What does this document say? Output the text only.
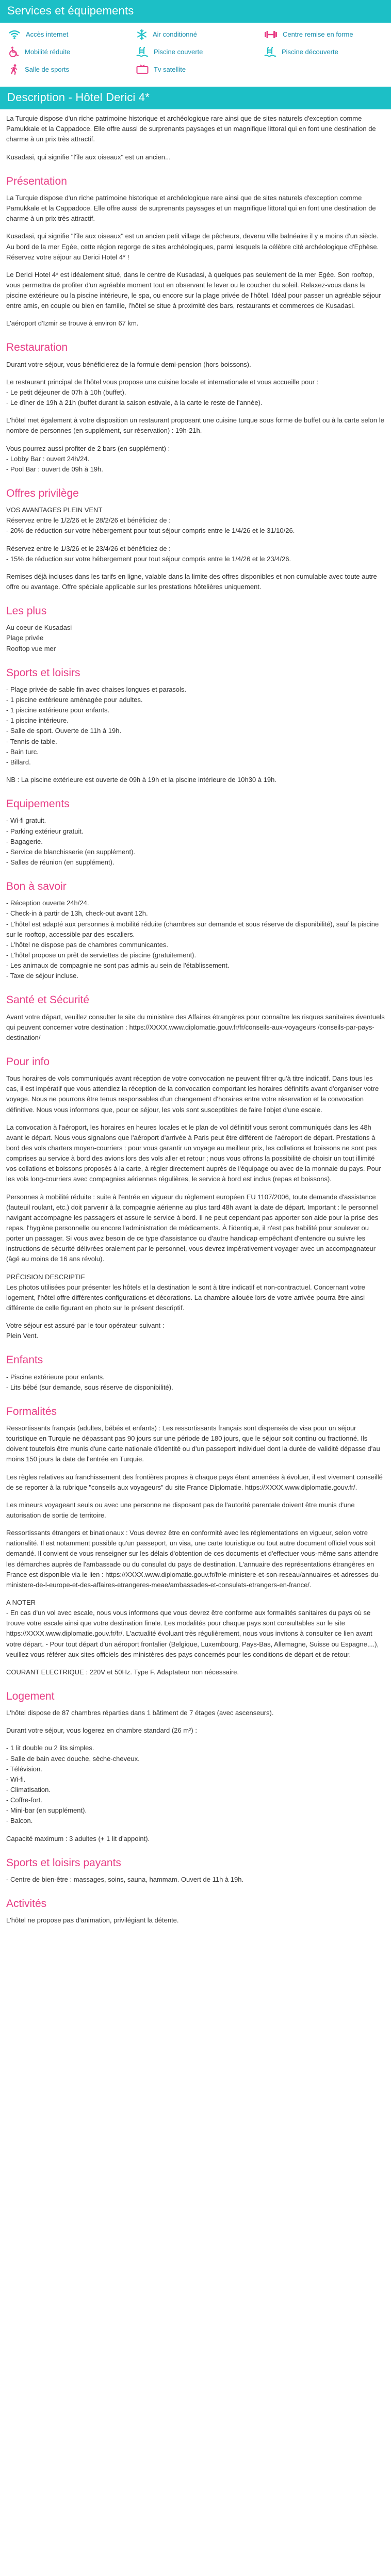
Services et équipements
Accès internet	Air conditionné	Centre remise en forme
Mobilité réduite	Piscine couverte	Piscine découverte
Salle de sports	Tv satellite
Description - Hôtel Derici 4*

La Turquie dispose d'un riche patrimoine historique et archéologique rare ainsi que de sites naturels d'exception comme Pamukkale et la Cappadoce. Elle offre aussi de surprenants paysages et un magnifique littoral qui en font une destination de charme à un prix très attractif.

Kusadasi, qui signifie "l'île aux oiseaux" est un ancien...

Présentation

La Turquie dispose d'un riche patrimoine historique et archéologique rare ainsi que de sites naturels d'exception comme Pamukkale et la Cappadoce. Elle offre aussi de surprenants paysages et un magnifique littoral qui en font une destination de charme à un prix très attractif.

Kusadasi, qui signifie "l'île aux oiseaux" est un ancien petit village de pêcheurs, devenu ville balnéaire il y a moins d'un siècle. Au bord de la mer Egée, cette région regorge de sites archéologiques, parmi lesquels la célèbre cité archéologique d'Ephèse.

Réservez votre séjour au Derici Hotel 4* !

Le Derici Hotel 4* est idéalement situé, dans le centre de Kusadasi, à quelques pas seulement de la mer Egée. Son rooftop, vous permettra de profiter d'un agréable moment tout en observant le lever ou le coucher du soleil. Relaxez-vous dans la piscine extérieure ou la piscine intérieure, le spa, ou encore sur la plage privée de l'hôtel. Idéal pour passer un agréable séjour entre amis, en couple ou bien en famille, l'hôtel se situe à proximité des bars, restaurants et commerces de Kusadasi.

L'aéroport d'Izmir se trouve à environ 67 km.

Restauration

Durant votre séjour, vous bénéficierez de la formule demi-pension (hors boissons).

Le restaurant principal de l'hôtel vous propose une cuisine locale et internationale et vous accueille pour :

- Le petit déjeuner de 07h à 10h (buffet).
- Le dîner de 19h à 21h (buffet durant la saison estivale, à la carte le reste de l'année).

L'hôtel met également à votre disposition un restaurant proposant une cuisine turque sous forme de buffet ou à la carte selon le nombre de personnes (en supplément, sur réservation) : 19h-21h.

Vous pourrez aussi profiter de 2 bars (en supplément) :

- Lobby Bar : ouvert 24h/24.
- Pool Bar : ouvert de 09h à 19h.
Offres privilège
VOS AVANTAGES PLEIN VENT
Réservez entre le 1/2/26 et le 28/2/26 et bénéficiez de :
- 20% de réduction sur votre hébergement pour tout séjour compris entre le 1/4/26 et le 31/10/26.
Réservez entre le 1/3/26 et le 23/4/26 et bénéficiez de :
- 15% de réduction sur votre hébergement pour tout séjour compris entre le 1/4/26 et le 23/4/26.

Remises déjà incluses dans les tarifs en ligne, valable dans la limite des offres disponibles et non cumulable avec toute autre offre ou avantage. Offre spéciale applicable sur les prestations hôtelières uniquement.

Les plus
Au coeur de Kusadasi
Plage privée
Rooftop vue mer
Sports et loisirs
- Plage privée de sable fin avec chaises longues et parasols.
- 1 piscine extérieure aménagée pour adultes.
- 1 piscine extérieure pour enfants.
- 1 piscine intérieure.
- Salle de sport. Ouverte de 11h à 19h.
- Tennis de table.
- Bain turc.
- Billard.

NB : La piscine extérieure est ouverte de 09h à 19h et la piscine intérieure de 10h30 à 19h.

Equipements
- Wi-fi gratuit.
- Parking extérieur gratuit.
- Bagagerie.
- Service de blanchisserie (en supplément).
- Salles de réunion (en supplément).
Bon à savoir
- Réception ouverte 24h/24.
- Check-in à partir de 13h, check-out avant 12h.
- L'hôtel est adapté aux personnes à mobilité réduite (chambres sur demande et sous réserve de disponibilité), sauf la piscine sur le rooftop, accessible par des escaliers.
- L'hôtel ne dispose pas de chambres communicantes.
- L'hôtel propose un prêt de serviettes de piscine (gratuitement).
- Les animaux de compagnie ne sont pas admis au sein de l'établissement.
- Taxe de séjour incluse.
Santé et Sécurité

Avant votre départ, veuillez consulter le site du ministère des Affaires étrangères pour connaître les risques sanitaires éventuels qui peuvent concerner votre destination : https://XXXX.www.diplomatie.gouv.fr/fr/conseils-aux-voyageurs /conseils-par-pays-destination/

Pour info

Tous horaires de vols communiqués avant réception de votre convocation ne peuvent filtrer qu'à titre indicatif. Dans tous les cas, il est impératif que vous attendiez la réception de la convocation comportant les horaires définitifs avant d'organiser votre voyage. Nous ne pourrons être tenus responsables d'un changement d'horaires entre votre réservation et la convocation définitive. Nous vous informons que, pour ce séjour, les vols sont susceptibles de faire l'objet d'une escale.

La convocation à l'aéroport, les horaires en heures locales et le plan de vol définitif vous seront communiqués dans les 48h avant le départ. Nous vous signalons que l'aéroport d'arrivée à Paris peut être différent de l'aéroport de départ. Prestations à bord des vols charters moyen-courriers : pour vous garantir un voyage au meilleur prix, les collations et boissons ne sont pas comprises au service à bord des avions lors des vols aller et retour ; nous vous offrons la possibilité de choisir un tout illimité vos collations et boissons proposés à la carte, à régler directement auprès de l'équipage ou avec de la monnaie du pays. Pour les vols long-courriers avec compagnies aériennes régulières, le service à bord est inclus (repas et boissons).

Personnes à mobilité réduite : suite à l'entrée en vigueur du règlement européen EU 1107/2006, toute demande d'assistance (fauteuil roulant, etc.) doit parvenir à la compagnie aérienne au plus tard 48h avant la date de départ. Important : le personnel navigant accompagne les passagers et assure le service à bord. Il ne peut cependant pas apporter son aide pour la prise des repas, l'hygiène personnelle ou encore l'administration de médicaments. À l'identique, il n'est pas habilité pour soulever ou porter un passager. Si vous avez besoin de ce type d'assistance ou d'autre handicap empêchant d'entendre ou suivre les instructions de sécurité délivrées oralement par le personnel, vous devrez impérativement voyager avec un accompagnateur (âgé au moins de 16 ans révolu).

PRÉCISION DESCRIPTIF

Les photos utilisées pour présenter les hôtels et la destination le sont à titre indicatif et non-contractuel. Concernant votre logement, l'hôtel offre différentes configurations et décorations. La chambre allouée lors de votre arrivée pourra être ainsi différente de celle figurant en photo sur le présent descriptif.

Votre séjour est assuré par le tour opérateur suivant :

Plein Vent.

Enfants
- Piscine extérieure pour enfants.
- Lits bébé (sur demande, sous réserve de disponibilité).
Formalités

Ressortissants français (adultes, bébés et enfants) : Les ressortissants français sont dispensés de visa pour un séjour touristique en Turquie ne dépassant pas 90 jours sur une période de 180 jours, que le séjour soit continu ou fractionné. Ils doivent toutefois être munis d'une carte nationale d'identité ou d'un passeport individuel dont la durée de validité dépasse d'au moins 150 jours la date de l'entrée en Turquie.

Les règles relatives au franchissement des frontières propres à chaque pays étant amenées à évoluer, il est vivement conseillé de se reporter à la rubrique "conseils aux voyageurs" du site France Diplomatie. https://XXXX.www.diplomatie.gouv.fr/.

Les mineurs voyageant seuls ou avec une personne ne disposant pas de l'autorité parentale doivent être munis d'une autorisation de sortie de territoire.

Ressortissants étrangers et binationaux : Vous devrez être en conformité avec les réglementations en vigueur, selon votre nationalité. Il est notamment possible qu'un passeport, un visa, une carte touristique ou tout autre document officiel vous soit demandé. Il convient de vous renseigner sur les délais d'obtention de ces documents et d'effectuer vous-même sans attendre les démarches auprès de l'ambassade ou du consulat du pays de destination. L'annuaire des représentations étrangères en France est disponible via le lien : https://XXXX.www.diplomatie.gouv.fr/fr/le-ministere-et-son-reseau/annuaires-et-adresses-du-ministere-de-l-europe-et-des-affaires-etrangeres-meae/ambassades-et-consulats-etrangers-en-france/.

A NOTER

- En cas d'un vol avec escale, nous vous informons que vous devrez être conforme aux formalités sanitaires du pays où se trouve votre escale ainsi que votre destination finale. Les modalités pour chaque pays sont consultables sur le site https://XXXX.www.diplomatie.gouv.fr/fr/. L'actualité évoluant très régulièrement, nous vous invitons à consulter ce lien avant votre départ. - Pour tout départ d'un aéroport frontalier (Belgique, Luxembourg, Pays-Bas, Allemagne, Suisse ou Espagne,...), veuillez vous référer aux sites officiels des ministères des pays concernés pour les conditions de départ et de retour.

COURANT ELECTRIQUE : 220V et 50Hz. Type F. Adaptateur non nécessaire.

Logement

L'hôtel dispose de 87 chambres réparties dans 1 bâtiment de 7 étages (avec ascenseurs).

Durant votre séjour, vous logerez en chambre standard (26 m²) :

- 1 lit double ou 2 lits simples.
- Salle de bain avec douche, sèche-cheveux.
- Télévision.
- Wi-fi.
- Climatisation.
- Coffre-fort.
- Mini-bar (en supplément).
- Balcon.

Capacité maximum : 3 adultes (+ 1 lit d'appoint).

Sports et loisirs payants
- Centre de bien-être : massages, soins, sauna, hammam. Ouvert de 11h à 19h.
Activités
L'hôtel ne propose pas d'animation, privilégiant la détente.
